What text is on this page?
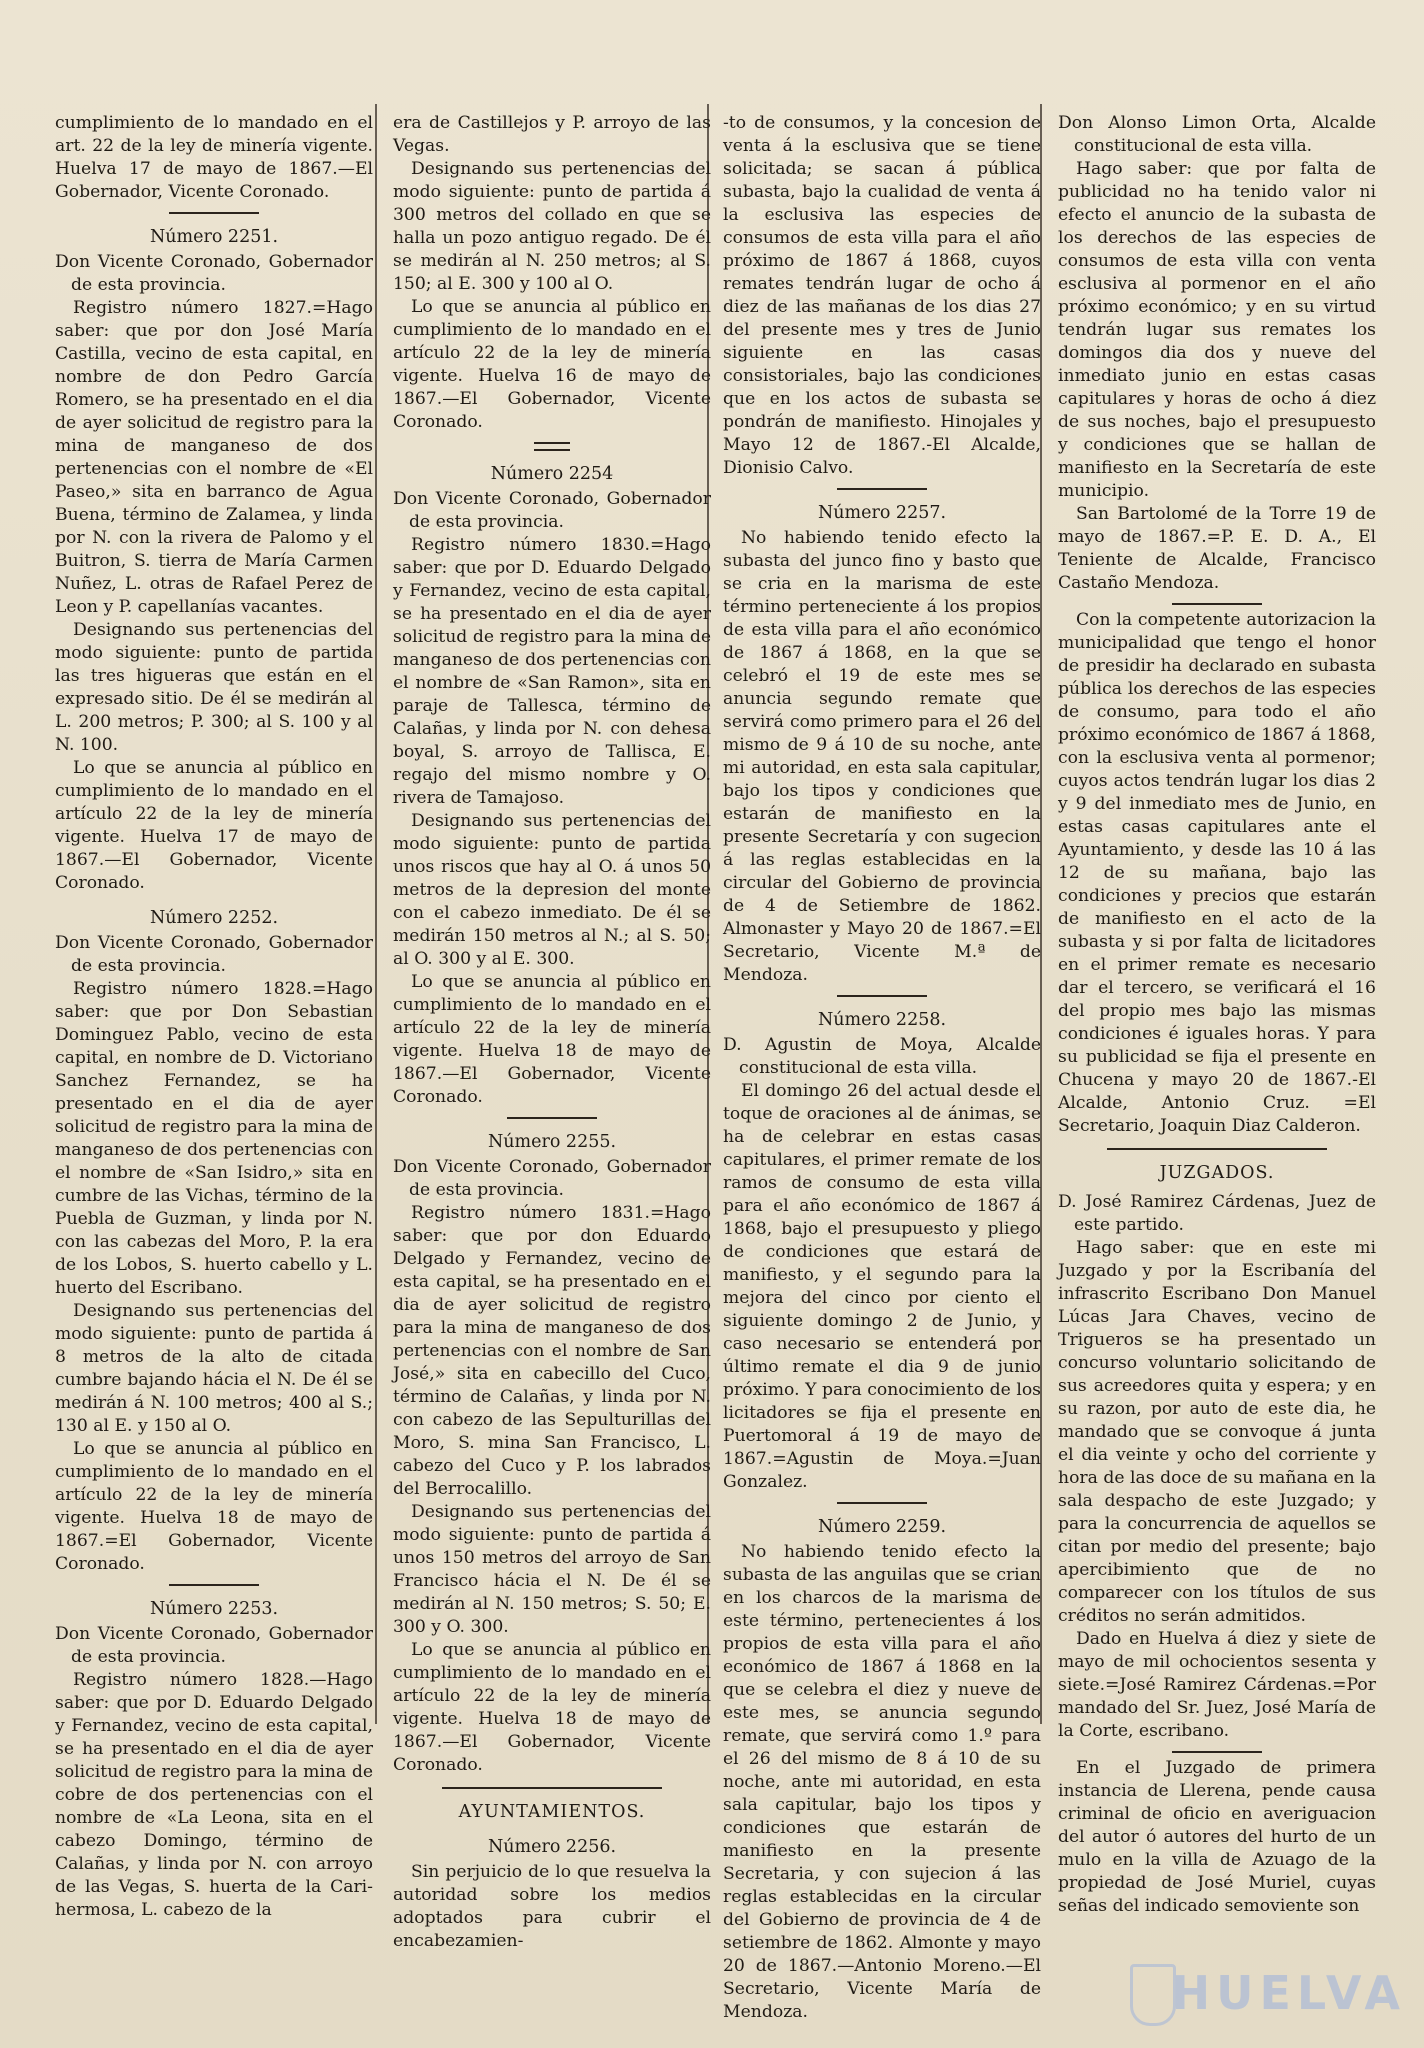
cumplimiento de lo mandado en el art. 22 de la ley de minería vigente. Huelva 17 de mayo de 1867.—El Gobernador, Vicente Coronado.

Número 2251.

Don Vicente Coronado, Gobernador de esta provincia.

Registro número 1827.=Hago saber: que por don José María Castilla, vecino de esta capital, en nombre de don Pedro García Romero, se ha presentado en el dia de ayer solicitud de registro para la mina de manganeso de dos pertenencias con el nombre de «El Paseo,» sita en barranco de Agua Buena, término de Zalamea, y linda por N. con la rivera de Palomo y el Buitron, S. tierra de María Carmen Nuñez, L. otras de Rafael Perez de Leon y P. capellanías vacantes.

Designando sus pertenencias del modo siguiente: punto de partida las tres higueras que están en el expresado sitio. De él se medirán al L. 200 metros; P. 300; al S. 100 y al N. 100.

Lo que se anuncia al público en cumplimiento de lo mandado en el artículo 22 de la ley de minería vigente. Huelva 17 de mayo de 1867.—El Gobernador, Vicente Coronado.

Número 2252.

Don Vicente Coronado, Gobernador de esta provincia.

Registro número 1828.=Hago saber: que por Don Sebastian Dominguez Pablo, vecino de esta capital, en nombre de D. Victoriano Sanchez Fernandez, se ha presentado en el dia de ayer solicitud de registro para la mina de manganeso de dos pertenencias con el nombre de «San Isidro,» sita en cumbre de las Vichas, término de la Puebla de Guzman, y linda por N. con las cabezas del Moro, P. la era de los Lobos, S. huerto cabello y L. huerto del Escribano.

Designando sus pertenencias del modo siguiente: punto de partida á 8 metros de la alto de citada cumbre bajando hácia el N. De él se medirán á N. 100 metros; 400 al S.; 130 al E. y 150 al O.

Lo que se anuncia al público en cumplimiento de lo mandado en el artículo 22 de la ley de minería vigente. Huelva 18 de mayo de 1867.=El Gobernador, Vicente Coronado.

Número 2253.

Don Vicente Coronado, Gobernador de esta provincia.

Registro número 1828.—Hago saber: que por D. Eduardo Delgado y Fernandez, vecino de esta capital, se ha presentado en el dia de ayer solicitud de registro para la mina de cobre de dos pertenencias con el nombre de «La Leona, sita en el cabezo Domingo, término de Calañas, y linda por N. con arroyo de las Vegas, S. huerta de la Cari-hermosa, L. cabezo de la

era de Castillejos y P. arroyo de las Vegas.

Designando sus pertenencias del modo siguiente: punto de partida á 300 metros del collado en que se halla un pozo antiguo regado. De él se medirán al N. 250 metros; al S. 150; al E. 300 y 100 al O.

Lo que se anuncia al público en cumplimiento de lo mandado en el artículo 22 de la ley de minería vigente. Huelva 16 de mayo de 1867.—El Gobernador, Vicente Coronado.

Número 2254

Don Vicente Coronado, Gobernador de esta provincia.

Registro número 1830.=Hago saber: que por D. Eduardo Delgado y Fernandez, vecino de esta capital, se ha presentado en el dia de ayer solicitud de registro para la mina de manganeso de dos pertenencias con el nombre de «San Ramon», sita en paraje de Tallesca, término de Calañas, y linda por N. con dehesa boyal, S. arroyo de Tallisca, E. regajo del mismo nombre y O. rivera de Tamajoso.

Designando sus pertenencias del modo siguiente: punto de partida unos riscos que hay al O. á unos 50 metros de la depresion del monte con el cabezo inmediato. De él se medirán 150 metros al N.; al S. 50; al O. 300 y al E. 300.

Lo que se anuncia al público en cumplimiento de lo mandado en el artículo 22 de la ley de minería vigente. Huelva 18 de mayo de 1867.—El Gobernador, Vicente Coronado.

Número 2255.

Don Vicente Coronado, Gobernador de esta provincia.

Registro número 1831.=Hago saber: que por don Eduardo Delgado y Fernandez, vecino de esta capital, se ha presentado en el dia de ayer solicitud de registro para la mina de manganeso de dos pertenencias con el nombre de San José,» sita en cabecillo del Cuco, término de Calañas, y linda por N. con cabezo de las Sepulturillas del Moro, S. mina San Francisco, L. cabezo del Cuco y P. los labrados del Berrocalillo.

Designando sus pertenencias del modo siguiente: punto de partida á unos 150 metros del arroyo de San Francisco hácia el N. De él se medirán al N. 150 metros; S. 50; E. 300 y O. 300.

Lo que se anuncia al público en cumplimiento de lo mandado en el artículo 22 de la ley de minería vigente. Huelva 18 de mayo de 1867.—El Gobernador, Vicente Coronado.

AYUNTAMIENTOS.

Número 2256.

Sin perjuicio de lo que resuelva la autoridad sobre los medios adoptados para cubrir el encabezamien-

-to de consumos, y la concesion de venta á la esclusiva que se tiene solicitada; se sacan á pública subasta, bajo la cualidad de venta á la esclusiva las especies de consumos de esta villa para el año próximo de 1867 á 1868, cuyos remates tendrán lugar de ocho á diez de las mañanas de los dias 27 del presente mes y tres de Junio siguiente en las casas consistoriales, bajo las condiciones que en los actos de subasta se pondrán de manifiesto. Hinojales y Mayo 12 de 1867.-El Alcalde, Dionisio Calvo.

Número 2257.

No habiendo tenido efecto la subasta del junco fino y basto que se cria en la marisma de este término perteneciente á los propios de esta villa para el año económico de 1867 á 1868, en la que se celebró el 19 de este mes se anuncia segundo remate que servirá como primero para el 26 del mismo de 9 á 10 de su noche, ante mi autoridad, en esta sala capitular, bajo los tipos y condiciones que estarán de manifiesto en la presente Secretaría y con sugecion á las reglas establecidas en la circular del Gobierno de provincia de 4 de Setiembre de 1862. Almonaster y Mayo 20 de 1867.=El Secretario, Vicente M.ª de Mendoza.

Número 2258.

D. Agustin de Moya, Alcalde constitucional de esta villa.

El domingo 26 del actual desde el toque de oraciones al de ánimas, se ha de celebrar en estas casas capitulares, el primer remate de los ramos de consumo de esta villa para el año económico de 1867 á 1868, bajo el presupuesto y pliego de condiciones que estará de manifiesto, y el segundo para la mejora del cinco por ciento el siguiente domingo 2 de Junio, y caso necesario se entenderá por último remate el dia 9 de junio próximo. Y para conocimiento de los licitadores se fija el presente en Puertomoral á 19 de mayo de 1867.=Agustin de Moya.=Juan Gonzalez.

Número 2259.

No habiendo tenido efecto la subasta de las anguilas que se crian en los charcos de la marisma de este término, pertenecientes á los propios de esta villa para el año económico de 1867 á 1868 en la que se celebra el diez y nueve de este mes, se anuncia segundo remate, que servirá como 1.º para el 26 del mismo de 8 á 10 de su noche, ante mi autoridad, en esta sala capitular, bajo los tipos y condiciones que estarán de manifiesto en la presente Secretaria, y con sujecion á las reglas establecidas en la circular del Gobierno de provincia de 4 de setiembre de 1862. Almonte y mayo 20 de 1867.—Antonio Moreno.—El Secretario, Vicente María de Mendoza.

Don Alonso Limon Orta, Alcalde constitucional de esta villa.

Hago saber: que por falta de publicidad no ha tenido valor ni efecto el anuncio de la subasta de los derechos de las especies de consumos de esta villa con venta esclusiva al pormenor en el año próximo económico; y en su virtud tendrán lugar sus remates los domingos dia dos y nueve del inmediato junio en estas casas capitulares y horas de ocho á diez de sus noches, bajo el presupuesto y condiciones que se hallan de manifiesto en la Secretaría de este municipio.

San Bartolomé de la Torre 19 de mayo de 1867.=P. E. D. A., El Teniente de Alcalde, Francisco Castaño Mendoza.

Con la competente autorizacion la municipalidad que tengo el honor de presidir ha declarado en subasta pública los derechos de las especies de consumo, para todo el año próximo económico de 1867 á 1868, con la esclusiva venta al pormenor; cuyos actos tendrán lugar los dias 2 y 9 del inmediato mes de Junio, en estas casas capitulares ante el Ayuntamiento, y desde las 10 á las 12 de su mañana, bajo las condiciones y precios que estarán de manifiesto en el acto de la subasta y si por falta de licitadores en el primer remate es necesario dar el tercero, se verificará el 16 del propio mes bajo las mismas condiciones é iguales horas. Y para su publicidad se fija el presente en Chucena y mayo 20 de 1867.-El Alcalde, Antonio Cruz. =El Secretario, Joaquin Diaz Calderon.

JUZGADOS.

D. José Ramirez Cárdenas, Juez de este partido.

Hago saber: que en este mi Juzgado y por la Escribanía del infrascrito Escribano Don Manuel Lúcas Jara Chaves, vecino de Trigueros se ha presentado un concurso voluntario solicitando de sus acreedores quita y espera; y en su razon, por auto de este dia, he mandado que se convoque á junta el dia veinte y ocho del corriente y hora de las doce de su mañana en la sala despacho de este Juzgado; y para la concurrencia de aquellos se citan por medio del presente; bajo apercibimiento que de no comparecer con los títulos de sus créditos no serán admitidos.

Dado en Huelva á diez y siete de mayo de mil ochocientos sesenta y siete.=José Ramirez Cárdenas.=Por mandado del Sr. Juez, José María de la Corte, escribano.

En el Juzgado de primera instancia de Llerena, pende causa criminal de oficio en averiguacion del autor ó autores del hurto de un mulo en la villa de Azuago de la propiedad de José Muriel, cuyas señas del indicado semoviente son

HUELVA
